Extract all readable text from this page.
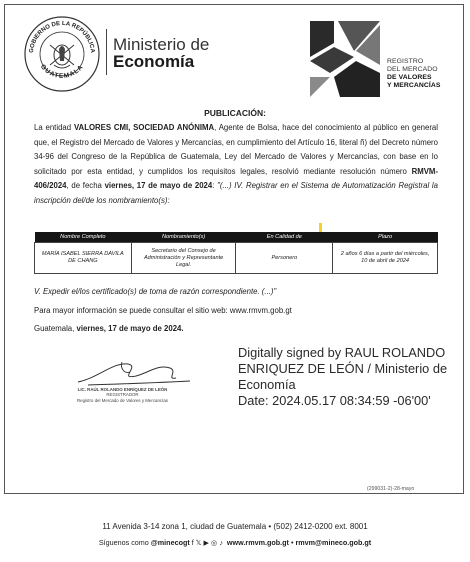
GOBIERNO DE LA REPÚBLICA
GUATEMALA
Ministerio de
Economía	REGISTRO
DEL MERCADO
DE VALORES
Y MERCANCÍAS
PUBLICACIÓN:
La entidad VALORES CMI, SOCIEDAD ANÓNIMA, Agente de Bolsa, hace del conocimiento al público en general que, el Registro del Mercado de Valores y Mercancías, en cumplimiento del Artículo 16, literal ñ) del Decreto número 34-96 del Congreso de la República de Guatemala, Ley del Mercado de Valores y Mercancías, con base en lo solicitado por esta entidad, y cumplidos los requisitos legales, resolvió mediante resolución número RMVM-406/2024, de fecha viernes, 17 de mayo de 2024: "(...) IV. Registrar en el Sistema de Automatización Registral la inscripción del/de los nombramiento(s):
Nombre Completo	Nombramiento(s)	En Calidad de	Plazo
MARÍA ISABEL SIERRA DAVILA DE CHANG	Secretario del Consejo de Administración y Representante Legal.	Personero	2 años 6 días a partir del miércoles, 10 de abril de 2024
V. Expedir el/los certificado(s) de toma de razón correspondiente. (...)"
Para mayor información se puede consultar el sitio web: www.rmvm.gob.gt
Guatemala, viernes, 17 de mayo de 2024.
LIC. RAÚL ROLANDO ENRÍQUEZ DE LEÓN
REGISTRADOR
Registro del Mercado de Valores y Mercancías
Digitally signed by RAUL ROLANDO
ENRIQUEZ DE LEÓN / Ministerio de
Economía
Date: 2024.05.17 08:34:59 -06'00'
(299031-2)-28-mayo
11 Avenida 3-14 zona 1, ciudad de Guatemala • (502) 2412-0200 ext. 8001
Síguenos como @minecogt f 𝕏 ▶ ◎ ♪ www.rmvm.gob.gt • rmvm@mineco.gob.gt
